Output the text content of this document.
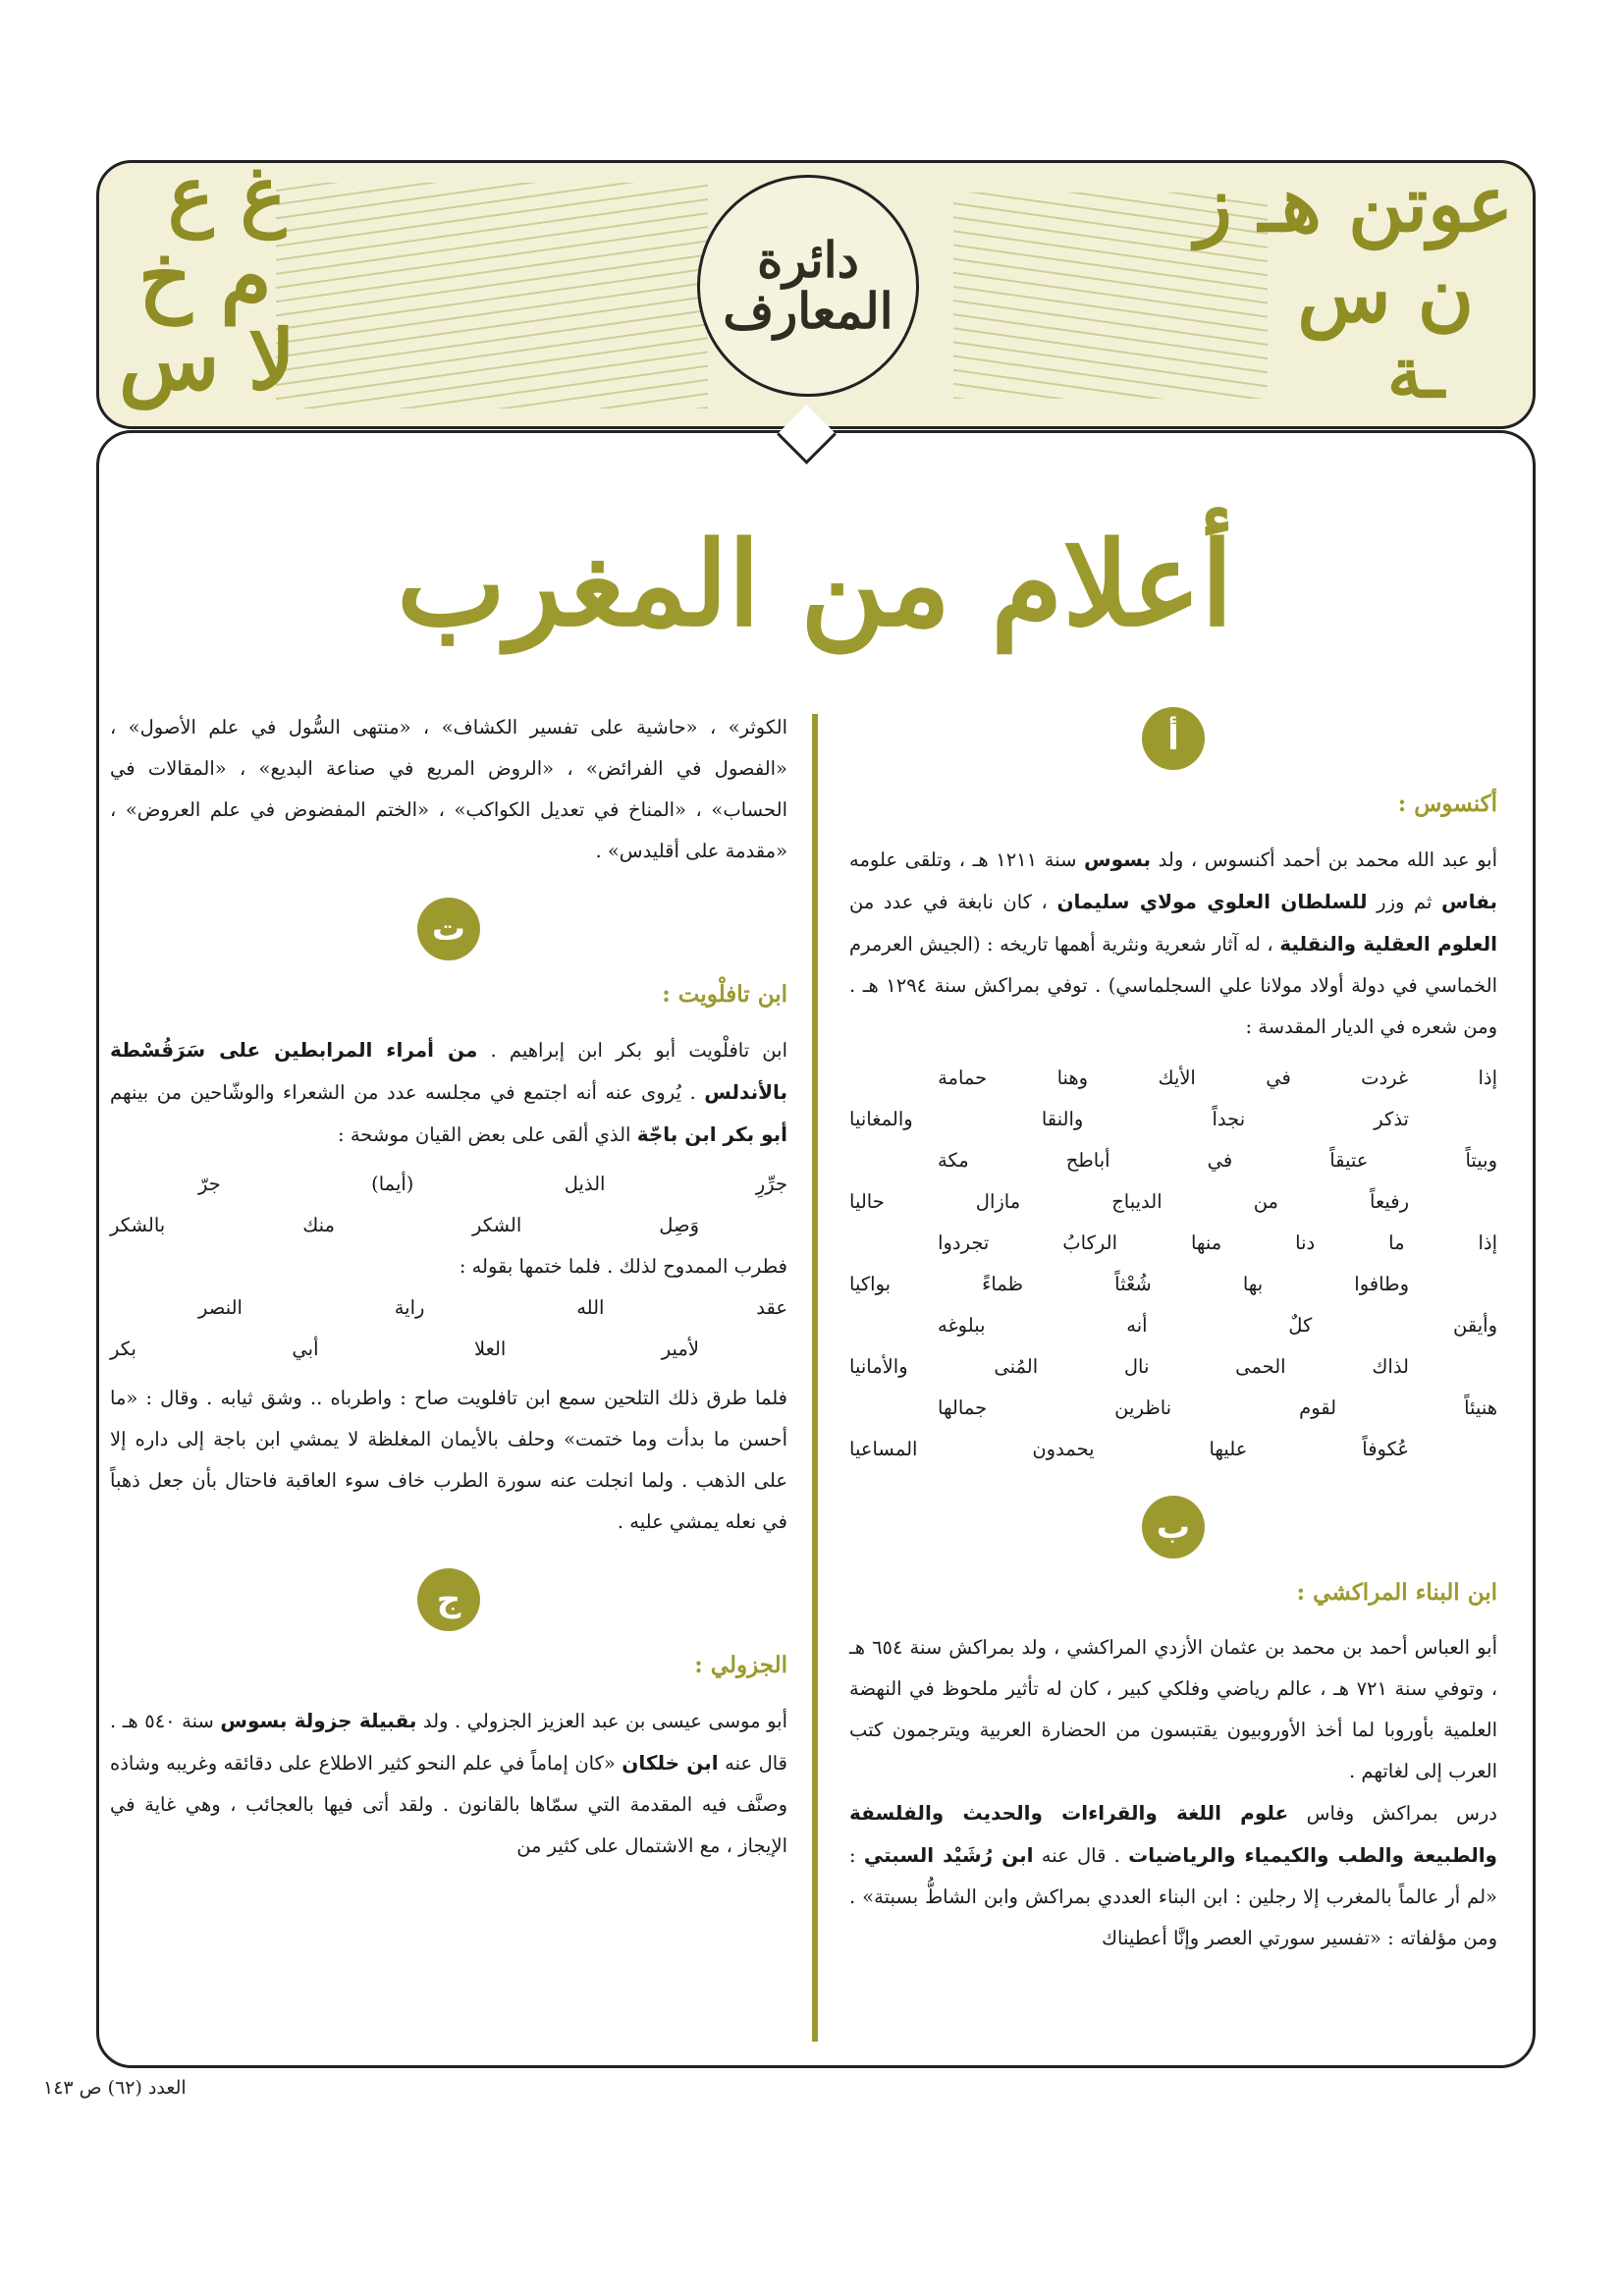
عوتن هـ ز
ن س
ـة
غ ع
م خ
لا س
دائرة
المعارف
أعلام من المغرب
أ
أكنسوس :

أبو عبد الله محمد بن أحمد أكنسوس ، ولد بسوس سنة ١٢١١ هـ ، وتلقى علومه بفاس ثم وزر للسلطان العلوي مولاي سليمان ، كان نابغة في عدد من العلوم العقلية والنقلية ، له آثار شعرية ونثرية أهمها تاريخه : (الجيش العرمرم الخماسي في دولة أولاد مولانا علي السجلماسي) . توفي بمراكش سنة ١٢٩٤ هـ . ومن شعره في الديار المقدسة :

إذا
غردت
في
الأيك
وهنا
حمامة
تذكر
نجداً
والنقا
والمغانيا
وبيتاً
عتيقاً
في
أباطح
مكة
رفيعاً
من
الديباج
مازال
حاليا
إذا
ما
دنا
منها
الركابُ
تجردوا
وطافوا
بها
شُعْثاً
ظماءً
بواكيا
وأيقن
كلٌ
أنه
ببلوغه
لذاك
الحمى
نال
المُنى
والأمانيا
هنيئاً
لقوم
ناظرين
جمالها
عُكوفاً
عليها
يحمدون
المساعيا
ب
ابن البناء المراكشي :

أبو العباس أحمد بن محمد بن عثمان الأزدي المراكشي ، ولد بمراكش سنة ٦٥٤ هـ ، وتوفي سنة ٧٢١ هـ ، عالم رياضي وفلكي كبير ، كان له تأثير ملحوظ في النهضة العلمية بأوروبا لما أخذ الأوروبيون يقتبسون من الحضارة العربية ويترجمون كتب العرب إلى لغاتهم .

درس بمراكش وفاس علوم اللغة والقراءات والحديث والفلسفة والطبيعة والطب والكيمياء والرياضيات . قال عنه ابن رُشَيْد السبتي : «لم أر عالماً بالمغرب إلا رجلين : ابن البناء العددي بمراكش وابن الشاطُّ بسبتة» . ومن مؤلفاته : «تفسير سورتي العصر وإنَّا أعطيناك

الكوثر» ، «حاشية على تفسير الكشاف» ، «منتهى السُّول في علم الأصول» ، «الفصول في الفرائض» ، «الروض المريع في صناعة البديع» ، «المقالات في الحساب» ، «المناخ في تعديل الكواكب» ، «الختم المفضوض في علم العروض» ، «مقدمة على أقليدس» .

ت
ابن تافلْويت :

ابن تافلْويت أبو بكر ابن إبراهيم . من أمراء المرابطين على سَرَقُسْطة بالأندلس . يُروى عنه أنه اجتمع في مجلسه عدد من الشعراء والوشّاحين من بينهم أبو بكر ابن باجّة الذي ألقى على بعض القيان موشحة :

جرِّرِ
الذيل
(أيما)
جرّ
وَصِل
الشكر
منك
بالشكر

فطرب الممدوح لذلك . فلما ختمها بقوله :

عقد
الله
راية
النصر
لأمير
العلا
أبي
بكر

فلما طرق ذلك التلحين سمع ابن تافلويت صاح : واطرباه .. وشق ثيابه . وقال : «ما أحسن ما بدأت وما ختمت» وحلف بالأيمان المغلظة لا يمشي ابن باجة إلى داره إلا على الذهب . ولما انجلت عنه سورة الطرب خاف سوء العاقبة فاحتال بأن جعل ذهباً في نعله يمشي عليه .

ج
الجزولي :

أبو موسى عيسى بن عبد العزيز الجزولي . ولد بقبيلة جزولة بسوس سنة ٥٤٠ هـ . قال عنه ابن خلكان «كان إماماً في علم النحو كثير الاطلاع على دقائقه وغريبه وشاذه وصنَّف فيه المقدمة التي سمّاها بالقانون . ولقد أتى فيها بالعجائب ، وهي غاية في الإيجاز ، مع الاشتمال على كثير من

العدد (٦٢) ص ١٤٣
